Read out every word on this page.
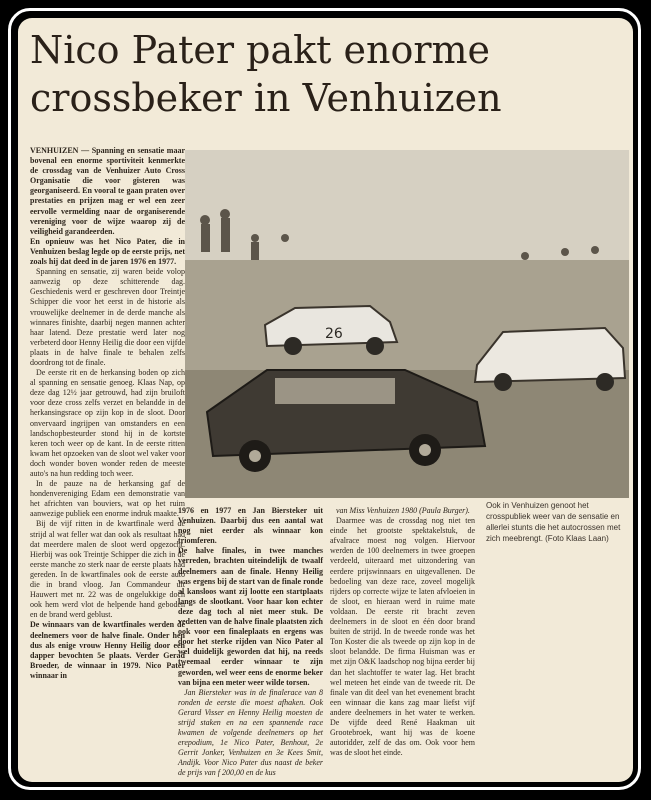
Nico Pater pakt enorme crossbeker in Venhuizen

VENHUIZEN — Spanning en sensatie maar bovenal een enorme sportiviteit kenmerkte de crossdag van de Venhuizer Auto Cross Organisatie die voor gisteren was georganiseerd. En vooral te gaan praten over prestaties en prijzen mag er wel een zeer eervolle vermelding naar de organiserende vereniging voor de wijze waarop zij de veiligheid garandeerden.

En opnieuw was het Nico Pater, die in Venhuizen beslag legde op de eerste prijs, net zoals hij dat deed in de jaren 1976 en 1977.

Spanning en sensatie, zij waren beide volop aanwezig op deze schitterende dag. Geschiedenis werd er geschreven door Treintje Schipper die voor het eerst in de historie als vrouwelijke deelnemer in de derde manche als winnares finishte, daarbij negen mannen achter haar latend. Deze prestatie werd later nog verbeterd door Henny Heilig die door een vijfde plaats in de halve finale te behalen zelfs doordrong tot de finale.

De eerste rit en de herkansing boden op zich al spanning en sensatie genoeg. Klaas Nap, op deze dag 12½ jaar getrouwd, had zijn bruiloft voor deze cross zelfs verzet en belandde in de herkansingsrace op zijn kop in de sloot. Door onvervaard ingrijpen van omstanders en een landschopbesteurder stond hij in de kortste keren toch weer op de kant. In de eerste ritten kwam het opzoeken van de sloot wel vaker voor doch wonder boven wonder reden de meeste auto's na hun redding toch weer.

In de pauze na de herkansing gaf de hondenvereniging Edam een demonstratie van het africhten van bouviers, wat op het ruim aanwezige publiek een enorme indruk maakte.

Bij de vijf ritten in de kwartfinale werd de strijd al wat feller wat dan ook als resultaat had dat meerdere malen de sloot werd opgezocht. Hierbij was ook Treintje Schipper die zich in de eerste manche zo sterk naar de eerste plaats had gereden. In de kwartfinales ook de eerste auto die in brand vloog. Jan Commandeur uit Hauwert met nr. 22 was de ongelukkige doch ook hem werd vlot de helpende hand geboden en de brand werd geblust.

De winnaars van de kwartfinales werden de deelnemers voor de halve finale. Onder hen dus als enige vrouw Henny Heilig door een dapper bevochten 5e plaats. Verder Gerad Broeder, de winnaar in 1979. Nico Pater winnaar in

26
Ook in Venhuizen genoot het crosspubliek weer van de sensatie en allerlei stunts die het autocrossen met zich meebrengt. (Foto Klaas Laan)

1976 en 1977 en Jan Biersteker uit Venhuizen. Daarbij dus een aantal wat nog niet eerder als winnaar kon triomferen.

De halve finales, in twee manches verreden, brachten uiteindelijk de twaalf deelnemers aan de finale. Henny Heilig was ergens bij de start van de finale ronde al kansloos want zij lootte een startplaats langs de slootkant. Voor haar kon echter deze dag toch al niet meer stuk. De vedetten van de halve finale plaatsten zich ook voor een finaleplaats en ergens was door het sterke rijden van Nico Pater al wel duidelijk geworden dat hij, na reeds tweemaal eerder winnaar te zijn geworden, wel weer eens de enorme beker van bijna een meter weer wilde torsen.

Jan Biersteker was in de finalerace van 8 ronden de eerste die moest afhaken. Ook Gerard Visser en Henny Heilig moesten de strijd staken en na een spannende race kwamen de volgende deelnemers op het erepodium, 1e Nico Pater, Benhout, 2e Gerrit Jonker, Venhuizen en 3e Kees Smit, Andijk. Voor Nico Pater dus naast de beker de prijs van f 200,00 en de kus

van Miss Venhuizen 1980 (Paula Burger).

Daarmee was de crossdag nog niet ten einde het grootste spektakelstuk, de afvalrace moest nog volgen. Hiervoor werden de 100 deelnemers in twee groepen verdeeld, uiteraard met uitzondering van eerdere prijswinnaars en uitgevallenen. De bedoeling van deze race, zoveel mogelijk rijders op correcte wijze te laten afvloeien in de sloot, en hieraan werd in ruime mate voldaan. De eerste rit bracht zeven deelnemers in de sloot en één door brand buiten de strijd. In de tweede ronde was het Ton Koster die als tweede op zijn kop in de sloot belandde. De firma Huisman was er met zijn O&K laadschop nog bijna eerder bij dan het slachtoffer te water lag. Het bracht wel meteen het einde van de tweede rit. De finale van dit deel van het evenement bracht een winnaar die kans zag maar liefst vijf andere deelnemers in het water te werken. De vijfde deed René Haakman uit Grootebroek, want hij was de koene autoridder, zelf de das om. Ook voor hem was de sloot het einde.
